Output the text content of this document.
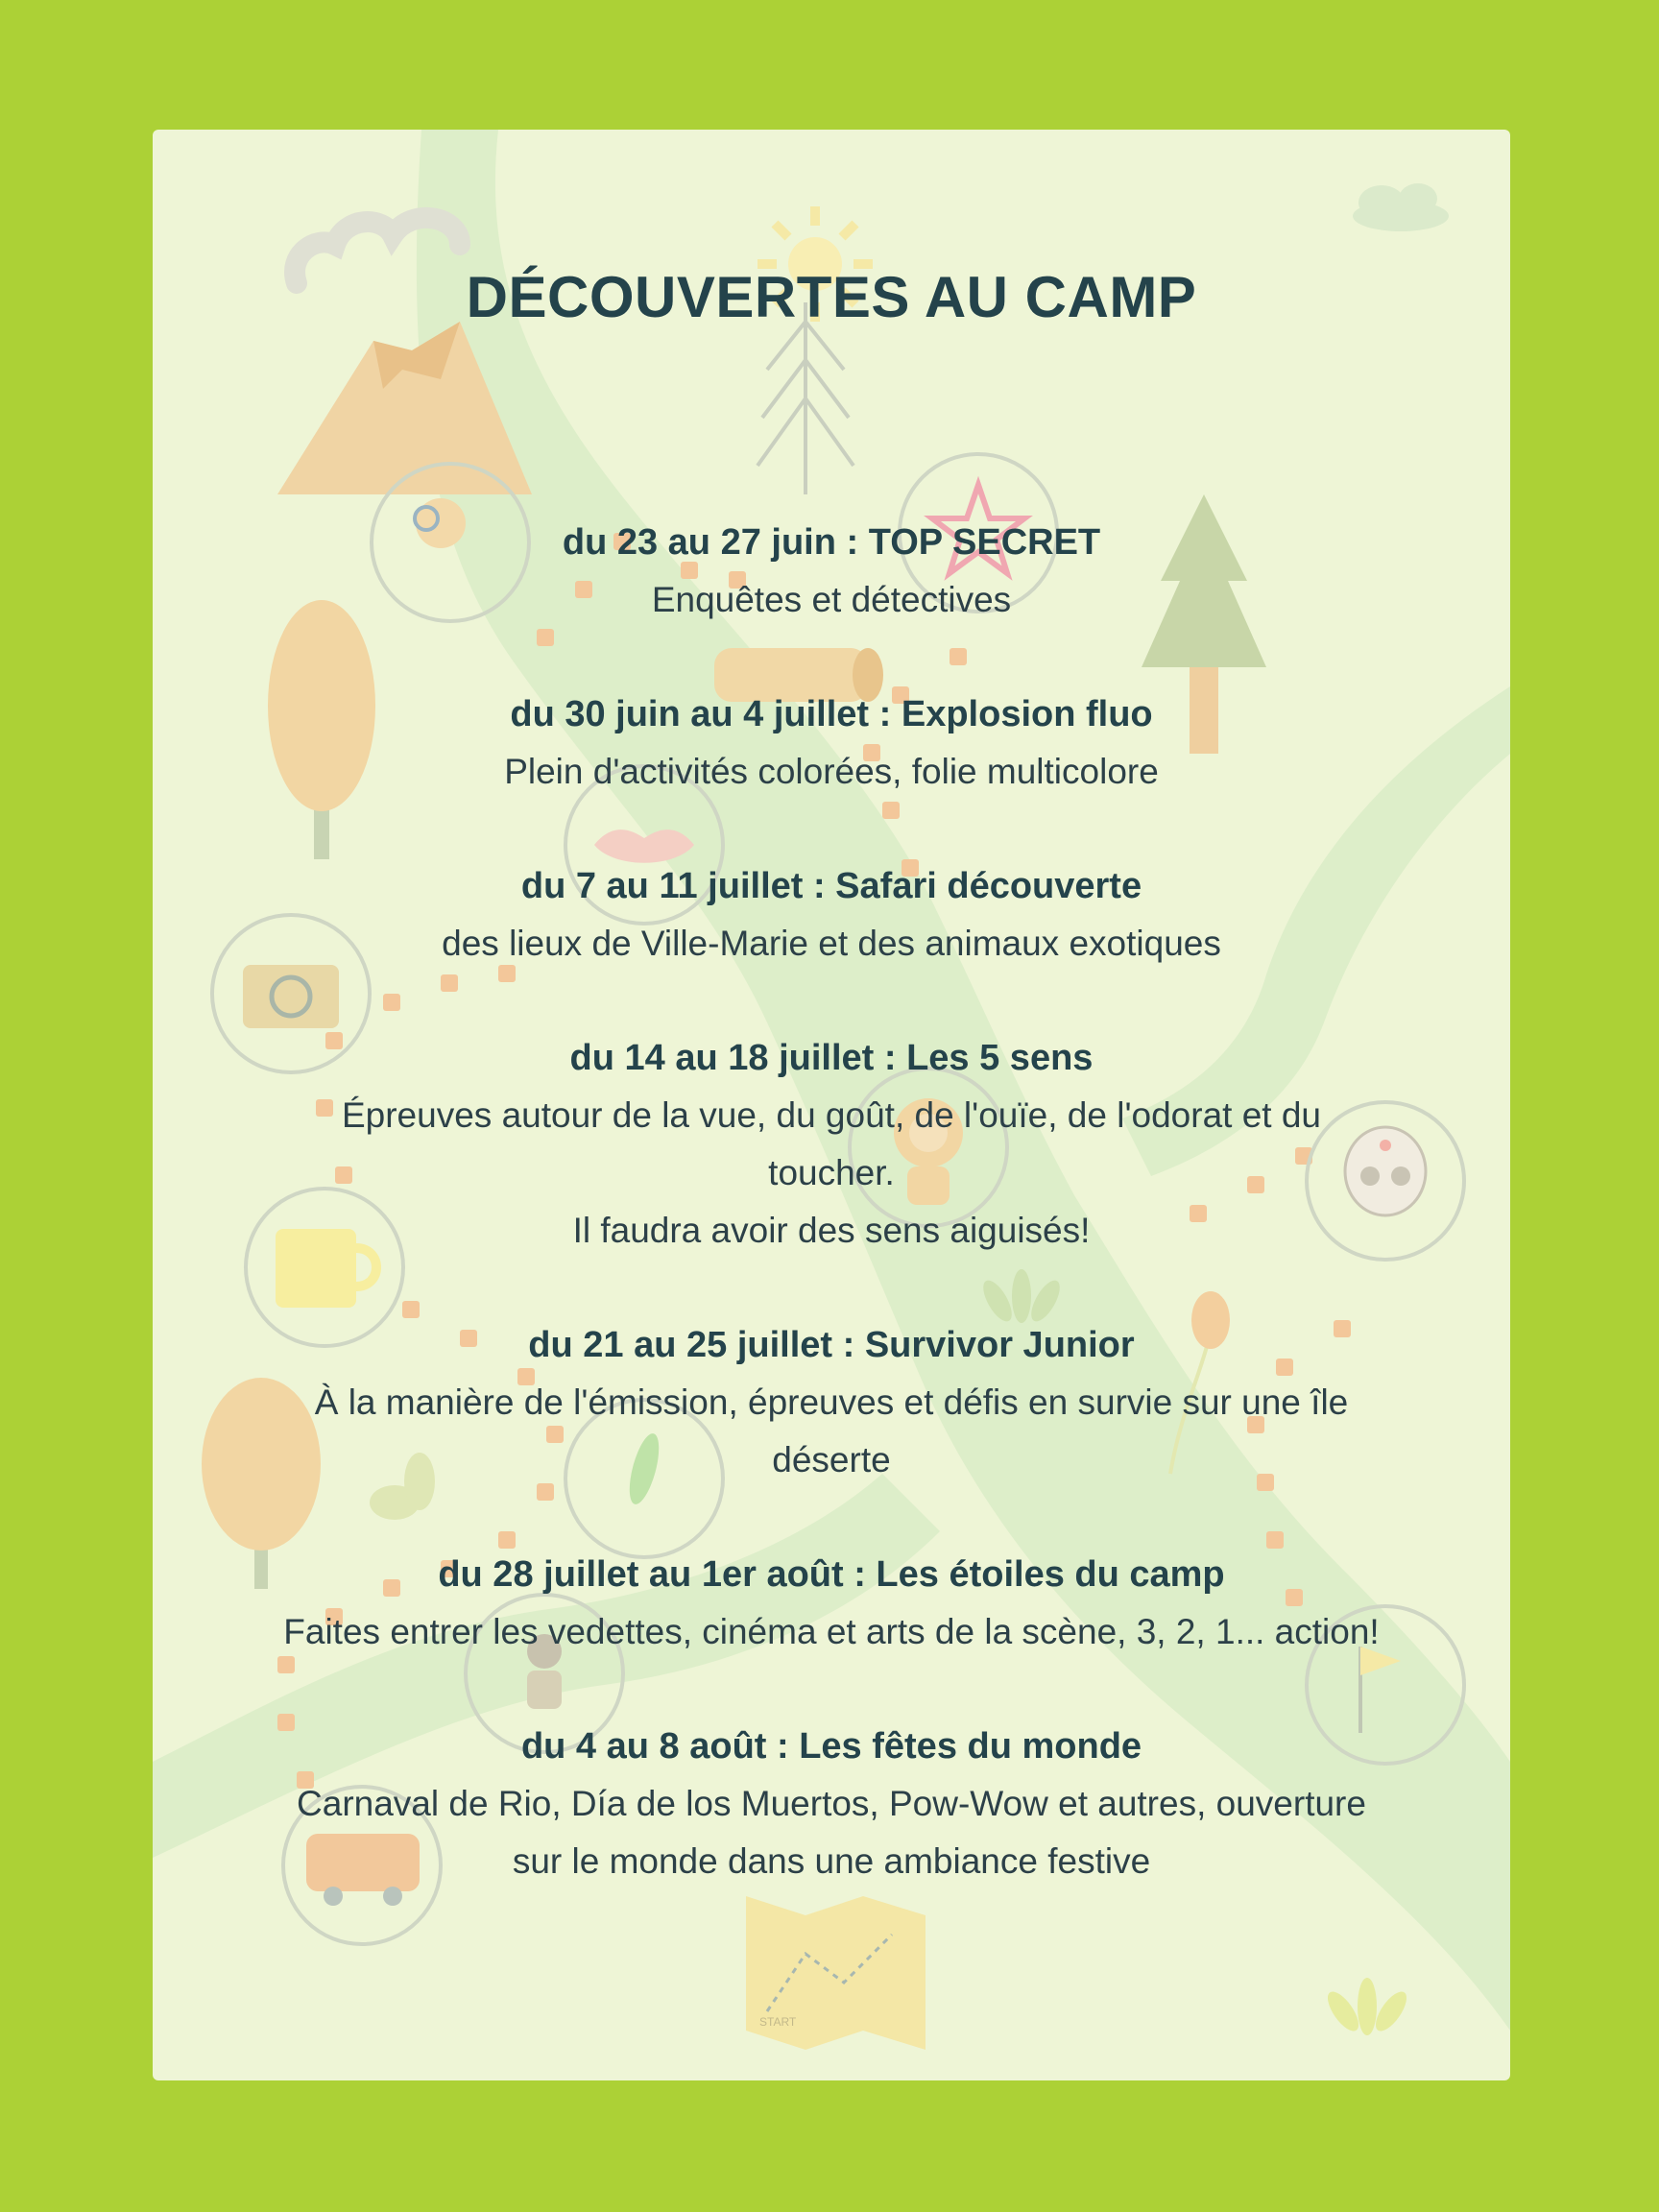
START
DÉCOUVERTES AU CAMP
du 23 au 27 juin : TOP SECRET
Enquêtes et détectives
du 30 juin au 4 juillet : Explosion fluo
Plein d'activités colorées, folie multicolore
du 7 au 11 juillet : Safari découverte
des lieux de Ville-Marie et des animaux exotiques
du 14 au 18 juillet : Les 5 sens
Épreuves autour de la vue, du goût, de l'ouïe, de l'odorat et du
toucher.
Il faudra avoir des sens aiguisés!
du 21 au 25 juillet : Survivor Junior
À la manière de l'émission, épreuves et défis en survie sur une île
déserte
du 28 juillet au 1er août : Les étoiles du camp
Faites entrer les vedettes, cinéma et arts de la scène, 3, 2, 1... action!
du 4 au 8 août : Les fêtes du monde
Carnaval de Rio, Día de los Muertos, Pow-Wow et autres, ouverture
sur le monde dans une ambiance festive
